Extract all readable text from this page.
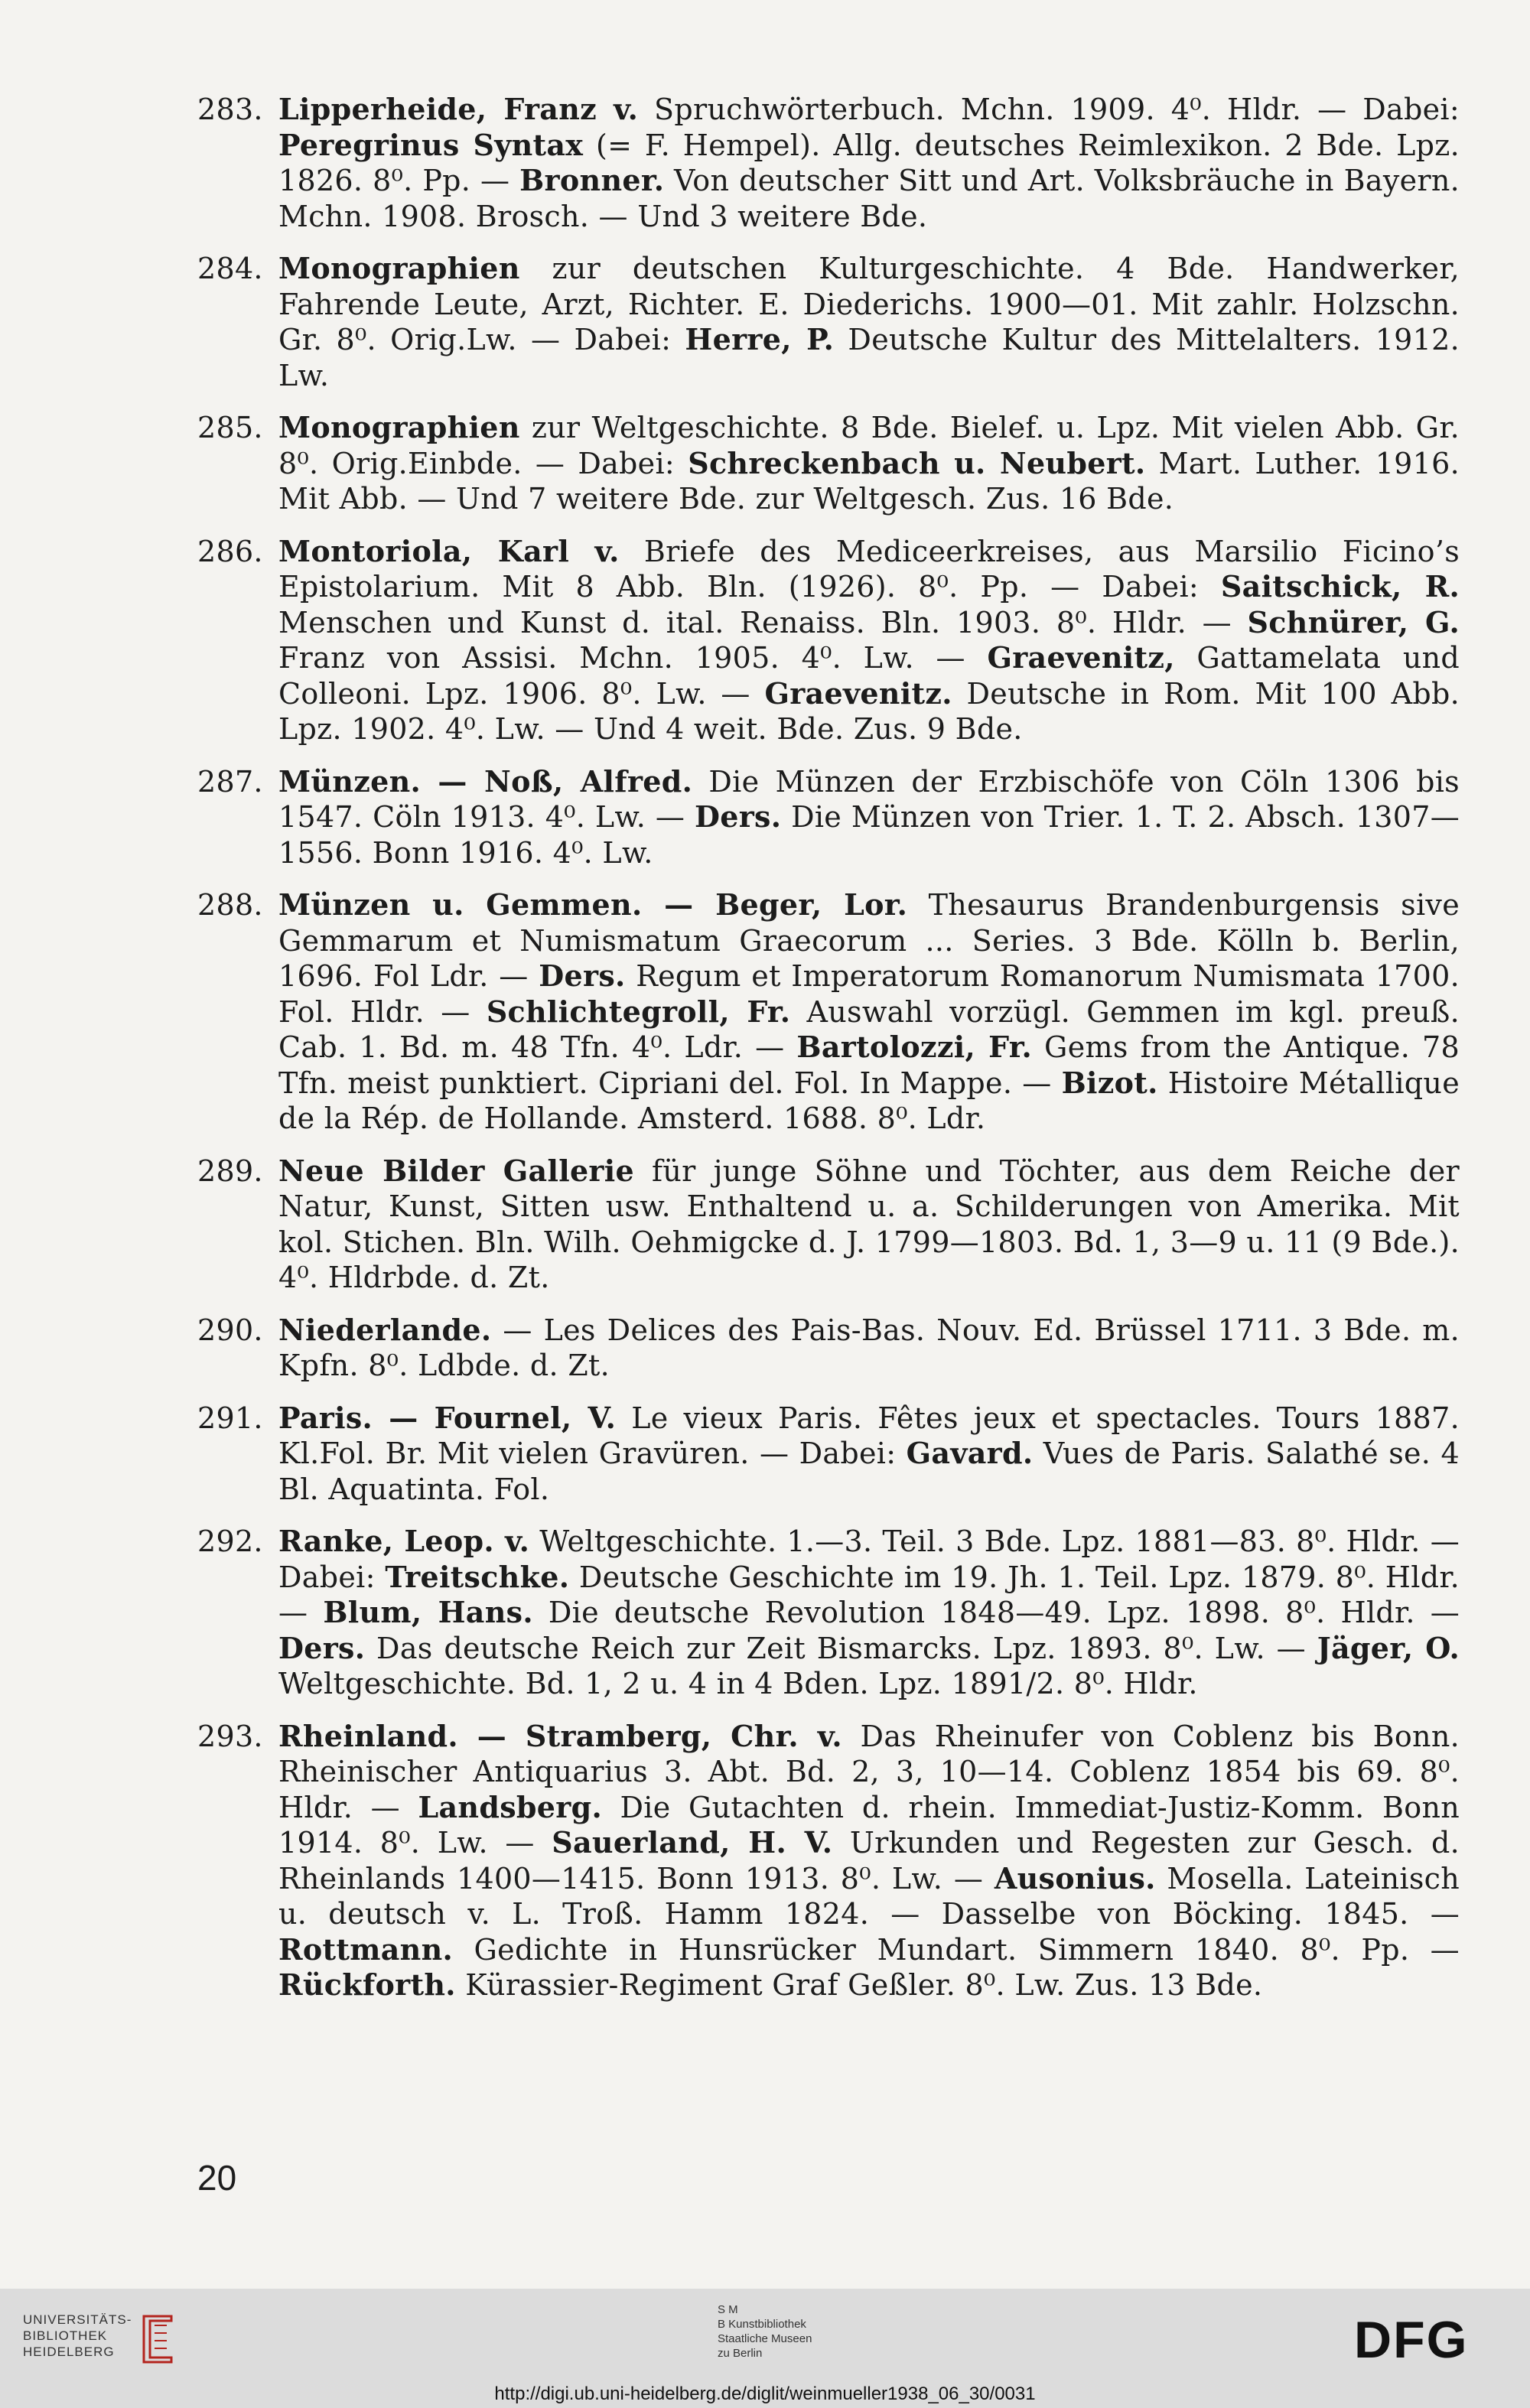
283. Lipperheide, Franz v. Spruchwörterbuch. Mchn. 1909. 4⁰. Hldr. — Dabei: Peregrinus Syntax (= F. Hempel). Allg. deutsches Reimlexikon. 2 Bde. Lpz. 1826. 8⁰. Pp. — Bronner. Von deutscher Sitt und Art. Volksbräuche in Bayern. Mchn. 1908. Brosch. — Und 3 weitere Bde.
284. Monographien zur deutschen Kulturgeschichte. 4 Bde. Handwerker, Fahrende Leute, Arzt, Richter. E. Diederichs. 1900—01. Mit zahlr. Holzschn. Gr. 8⁰. Orig.Lw. — Dabei: Herre, P. Deutsche Kultur des Mittelalters. 1912. Lw.
285. Monographien zur Weltgeschichte. 8 Bde. Bielef. u. Lpz. Mit vielen Abb. Gr. 8⁰. Orig.Einbde. — Dabei: Schreckenbach u. Neubert. Mart. Luther. 1916. Mit Abb. — Und 7 weitere Bde. zur Weltgesch. Zus. 16 Bde.
286. Montoriola, Karl v. Briefe des Mediceerkreises, aus Marsilio Ficino’s Epistolarium. Mit 8 Abb. Bln. (1926). 8⁰. Pp. — Dabei: Saitschick, R. Menschen und Kunst d. ital. Renaiss. Bln. 1903. 8⁰. Hldr. — Schnürer, G. Franz von Assisi. Mchn. 1905. 4⁰. Lw. — Graevenitz, Gattamelata und Colleoni. Lpz. 1906. 8⁰. Lw. — Graevenitz. Deutsche in Rom. Mit 100 Abb. Lpz. 1902. 4⁰. Lw. — Und 4 weit. Bde. Zus. 9 Bde.
287. Münzen. — Noß, Alfred. Die Münzen der Erzbischöfe von Cöln 1306 bis 1547. Cöln 1913. 4⁰. Lw. — Ders. Die Münzen von Trier. 1. T. 2. Absch. 1307—1556. Bonn 1916. 4⁰. Lw.
288. Münzen u. Gemmen. — Beger, Lor. Thesaurus Brandenburgensis sive Gemmarum et Numismatum Graecorum ... Series. 3 Bde. Kölln b. Berlin, 1696. Fol Ldr. — Ders. Regum et Imperatorum Romanorum Numismata 1700. Fol. Hldr. — Schlichtegroll, Fr. Auswahl vorzügl. Gemmen im kgl. preuß. Cab. 1. Bd. m. 48 Tfn. 4⁰. Ldr. — Bartolozzi, Fr. Gems from the Antique. 78 Tfn. meist punktiert. Cipriani del. Fol. In Mappe. — Bizot. Histoire Métallique de la Rép. de Hollande. Amsterd. 1688. 8⁰. Ldr.
289. Neue Bilder Gallerie für junge Söhne und Töchter, aus dem Reiche der Natur, Kunst, Sitten usw. Enthaltend u. a. Schilderungen von Amerika. Mit kol. Stichen. Bln. Wilh. Oehmigcke d. J. 1799—1803. Bd. 1, 3—9 u. 11 (9 Bde.). 4⁰. Hldrbde. d. Zt.
290. Niederlande. — Les Delices des Pais-Bas. Nouv. Ed. Brüssel 1711. 3 Bde. m. Kpfn. 8⁰. Ldbde. d. Zt.
291. Paris. — Fournel, V. Le vieux Paris. Fêtes jeux et spectacles. Tours 1887. Kl.Fol. Br. Mit vielen Gravüren. — Dabei: Gavard. Vues de Paris. Salathé se. 4 Bl. Aquatinta. Fol.
292. Ranke, Leop. v. Weltgeschichte. 1.—3. Teil. 3 Bde. Lpz. 1881—83. 8⁰. Hldr. — Dabei: Treitschke. Deutsche Geschichte im 19. Jh. 1. Teil. Lpz. 1879. 8⁰. Hldr. — Blum, Hans. Die deutsche Revolution 1848—49. Lpz. 1898. 8⁰. Hldr. — Ders. Das deutsche Reich zur Zeit Bismarcks. Lpz. 1893. 8⁰. Lw. — Jäger, O. Weltgeschichte. Bd. 1, 2 u. 4 in 4 Bden. Lpz. 1891/2. 8⁰. Hldr.
293. Rheinland. — Stramberg, Chr. v. Das Rheinufer von Coblenz bis Bonn. Rheinischer Antiquarius 3. Abt. Bd. 2, 3, 10—14. Coblenz 1854 bis 69. 8⁰. Hldr. — Landsberg. Die Gutachten d. rhein. Immediat-Justiz-Komm. Bonn 1914. 8⁰. Lw. — Sauerland, H. V. Urkunden und Regesten zur Gesch. d. Rheinlands 1400—1415. Bonn 1913. 8⁰. Lw. — Ausonius. Mosella. Lateinisch u. deutsch v. L. Troß. Hamm 1824. — Dasselbe von Böcking. 1845. — Rottmann. Gedichte in Hunsrücker Mundart. Simmern 1840. 8⁰. Pp. — Rückforth. Kürassier-Regiment Graf Geßler. 8⁰. Lw. Zus. 13 Bde.
20
UNIVERSITÄTS-
BIBLIOTHEK
HEIDELBERG
S M
B Kunstbibliothek
Staatliche Museen
zu Berlin	DFG
http://digi.ub.uni-heidelberg.de/diglit/weinmueller1938_06_30/0031
